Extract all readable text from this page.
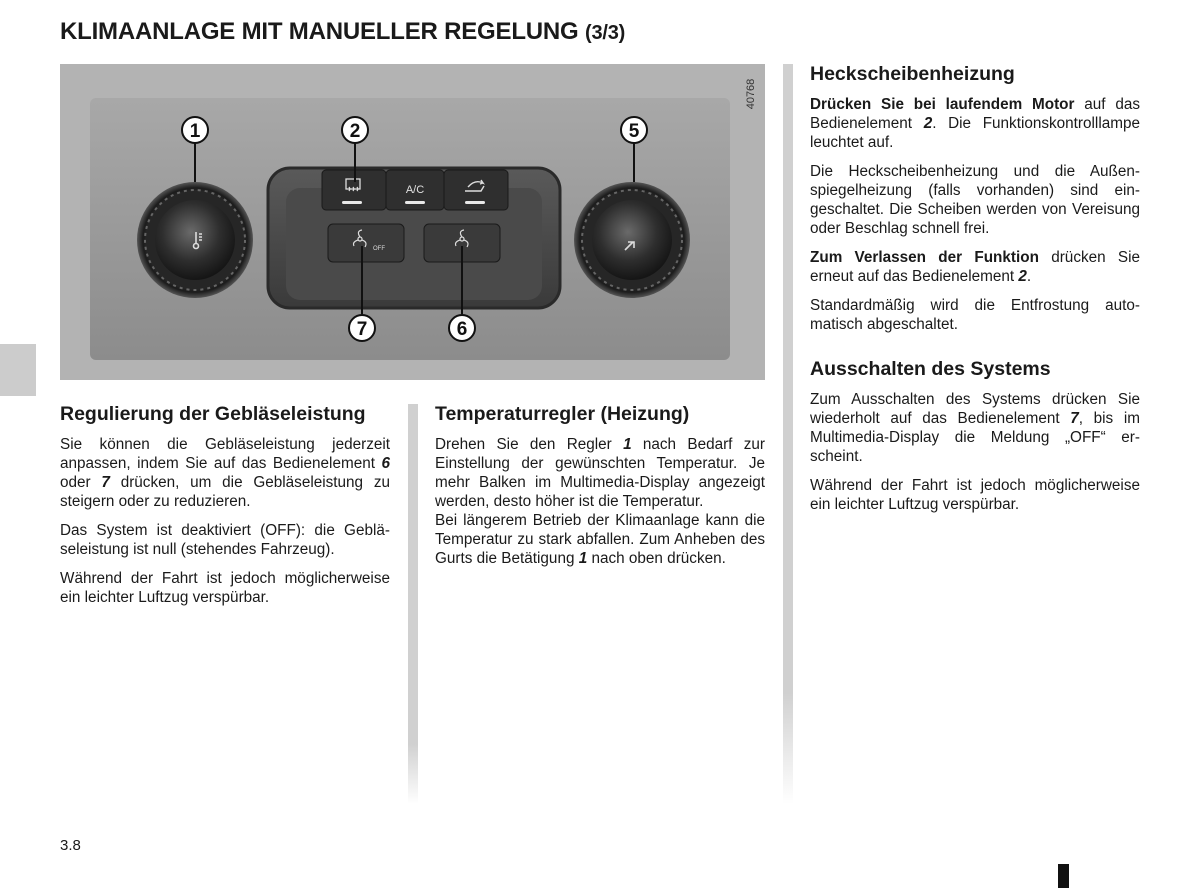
KLIMAANLAGE MIT MANUELLER REGELUNG (3/3)
A/C
OFF
1	2	5
7	6
40768
Regulierung der Gebläseleistung

Sie können die Gebläseleistung jederzeit anpassen, indem Sie auf das Bedienelement 6 oder 7 drücken, um die Gebläseleistung zu steigern oder zu reduzieren.

Das System ist deaktiviert (OFF): die Gebläseleistung ist null (stehendes Fahrzeug).

Während der Fahrt ist jedoch möglicherweise ein leichter Luftzug verspürbar.

Temperaturregler (Heizung)

Drehen Sie den Regler 1 nach Bedarf zur Einstellung der gewünschten Temperatur. Je mehr Balken im Multimedia-Display angezeigt werden, desto höher ist die Temperatur.

Bei längerem Betrieb der Klimaanlage kann die Temperatur zu stark abfallen. Zum Anheben des Gurts die Betätigung 1 nach oben drücken.

Heckscheibenheizung

Drücken Sie bei laufendem Motor auf das Bedienelement 2. Die Funktionskontrolllampe leuchtet auf.

Die Heckscheibenheizung und die Außenspiegelheizung (falls vorhanden) sind eingeschaltet. Die Scheiben werden von Vereisung oder Beschlag schnell frei.

Zum Verlassen der Funktion drücken Sie erneut auf das Bedienelement 2.

Standardmäßig wird die Entfrostung automatisch abgeschaltet.

Ausschalten des Systems

Zum Ausschalten des Systems drücken Sie wiederholt auf das Bedienelement 7, bis im Multimedia-Display die Meldung „OFF“ erscheint.

Während der Fahrt ist jedoch möglicherweise ein leichter Luftzug verspürbar.

3.8
